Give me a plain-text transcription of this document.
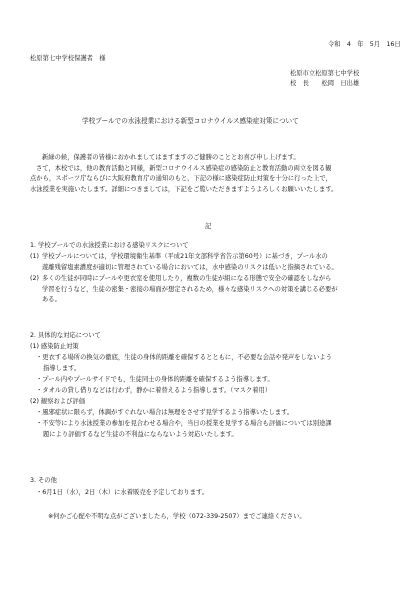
令和　4　年　5月　16日
松原第七中学校保護者　様
松原市立松原第七中学校
校　長　　松岡　日出雄
学校プールでの水泳授業における新型コロナウイルス感染症対策について
新緑の候，保護者の皆様におかれましてはますますのご健勝のこととお喜び申し上げます。
さて，本校では，他の教育活動と同様，新型コロナウイルス感染症の感染防止と教育活動の両立を図る観
点から，スポーツ庁ならびに大阪府教育庁の通知のもと，下記の様に感染症防止対策を十分に行った上で，
水泳授業を実施いたします。詳細につきましては，下記をご覧いただきますようよろしくお願いいたします。
記
1. 学校プールでの水泳授業における感染リスクについて
(1) 学校プールについては，学校環境衛生基準（平成21年文部科学省告示第60号）に基づき，プール水の
遊離残留塩素濃度が適切に管理されている場合においては，水中感染のリスクは低いと指摘されている。
(2) 多くの生徒が同時にプールや更衣室を使用したり，複数の生徒が組になる形態で安全の確認をしながら
学習を行うなど，生徒の密集・密接の場面が想定されるため，様々な感染リスクへの対策を講じる必要が
ある。
2. 具体的な対応について
(1) 感染防止対策
・更衣する場所の換気の徹底，生徒の身体的距離を確保するとともに，不必要な会話や発声をしないよう
指導します。
・プール内やプールサイドでも，生徒同士の身体的距離を確保するよう指導します。
・タオルの貸し借りなどは行わず，静かに着替えるよう指導します。（マスク着用）
(2) 観察および評価
・風邪症状に限らず，体調がすぐれない場合は無理をさせず見学するよう指導いたします。
・不安等により水泳授業の参加を見合わせる場合や，当日の授業を見学する場合も評価については別途課
題により評価するなど生徒の不利益にならないよう対応いたします。
3. その他
・6月1日（水），2日（木）に水着販売を予定しております。
※何かご心配や不明な点がございましたら，学校（072-339-2507）までご連絡ください。
